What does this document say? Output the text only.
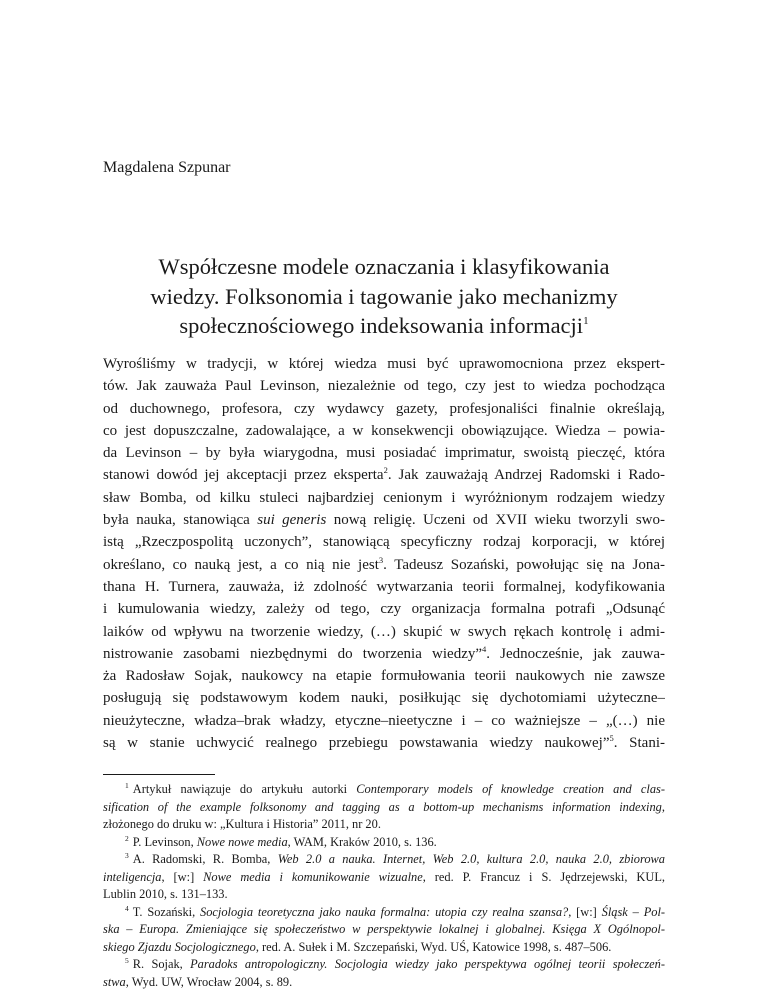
Magdalena Szpunar
Współczesne modele oznaczania i klasyfikowania
wiedzy. Folksonomia i tagowanie jako mechanizmy
społecznościowego indeksowania informacji$^1$
Wyrośliśmy w tradycji, w której wiedza musi być uprawomocniona przez ekspert-
tów. Jak zauważa Paul Levinson, niezależnie od tego, czy jest to wiedza pochodząca
od duchownego, profesora, czy wydawcy gazety, profesjonaliści finalnie określają,
co jest dopuszczalne, zadowalające, a w konsekwencji obowiązujące. Wiedza – powia-
da Levinson – by była wiarygodna, musi posiadać imprimatur, swoistą pieczęć, która
stanowi dowód jej akceptacji przez eksperta$^2$. Jak zauważają Andrzej Radomski i Rado-
sław Bomba, od kilku stuleci najbardziej cenionym i wyróżnionym rodzajem wiedzy
była nauka, stanowiąca sui generis nową religię. Uczeni od XVII wieku tworzyli swo-
istą „Rzeczpospolitą uczonych”, stanowiącą specyficzny rodzaj korporacji, w której
określano, co nauką jest, a co nią nie jest$^3$. Tadeusz Sozański, powołując się na Jona-
thana H. Turnera, zauważa, iż zdolność wytwarzania teorii formalnej, kodyfikowania
i kumulowania wiedzy, zależy od tego, czy organizacja formalna potrafi „Odsunąć
laików od wpływu na tworzenie wiedzy, (…) skupić w swych rękach kontrolę i admi-
nistrowanie zasobami niezbędnymi do tworzenia wiedzy”$^4$. Jednocześnie, jak zauwa-
ża Radosław Sojak, naukowcy na etapie formułowania teorii naukowych nie zawsze
posługują się podstawowym kodem nauki, posiłkując się dychotomiami użyteczne–
nieużyteczne, władza–brak władzy, etyczne–nieetyczne i – co ważniejsze – „(…) nie
są w stanie uchwycić realnego przebiegu powstawania wiedzy naukowej”$^5$. Stani-
$^1$ Artykuł nawiązuje do artykułu autorki Contemporary models of knowledge creation and clas-
sification of the example folksonomy and tagging as a bottom-up mechanisms information indexing,
złożonego do druku w: „Kultura i Historia” 2011, nr 20.
$^2$ P. Levinson, Nowe nowe media, WAM, Kraków 2010, s. 136.
$^3$ A. Radomski, R. Bomba, Web 2.0 a nauka. Internet, Web 2.0, kultura 2.0, nauka 2.0, zbiorowa
inteligencja, [w:] Nowe media i komunikowanie wizualne, red. P. Francuz i S. Jędrzejewski, KUL,
Lublin 2010, s. 131–133.
$^4$ T. Sozański, Socjologia teoretyczna jako nauka formalna: utopia czy realna szansa?, [w:] Śląsk – Pol-
ska – Europa. Zmieniające się społeczeństwo w perspektywie lokalnej i globalnej. Księga X Ogólnopol-
skiego Zjazdu Socjologicznego, red. A. Sułek i M. Szczepański, Wyd. UŚ, Katowice 1998, s. 487–506.
$^5$ R. Sojak, Paradoks antropologiczny. Socjologia wiedzy jako perspektywa ogólnej teorii społeczeń-
stwa, Wyd. UW, Wrocław 2004, s. 89.
